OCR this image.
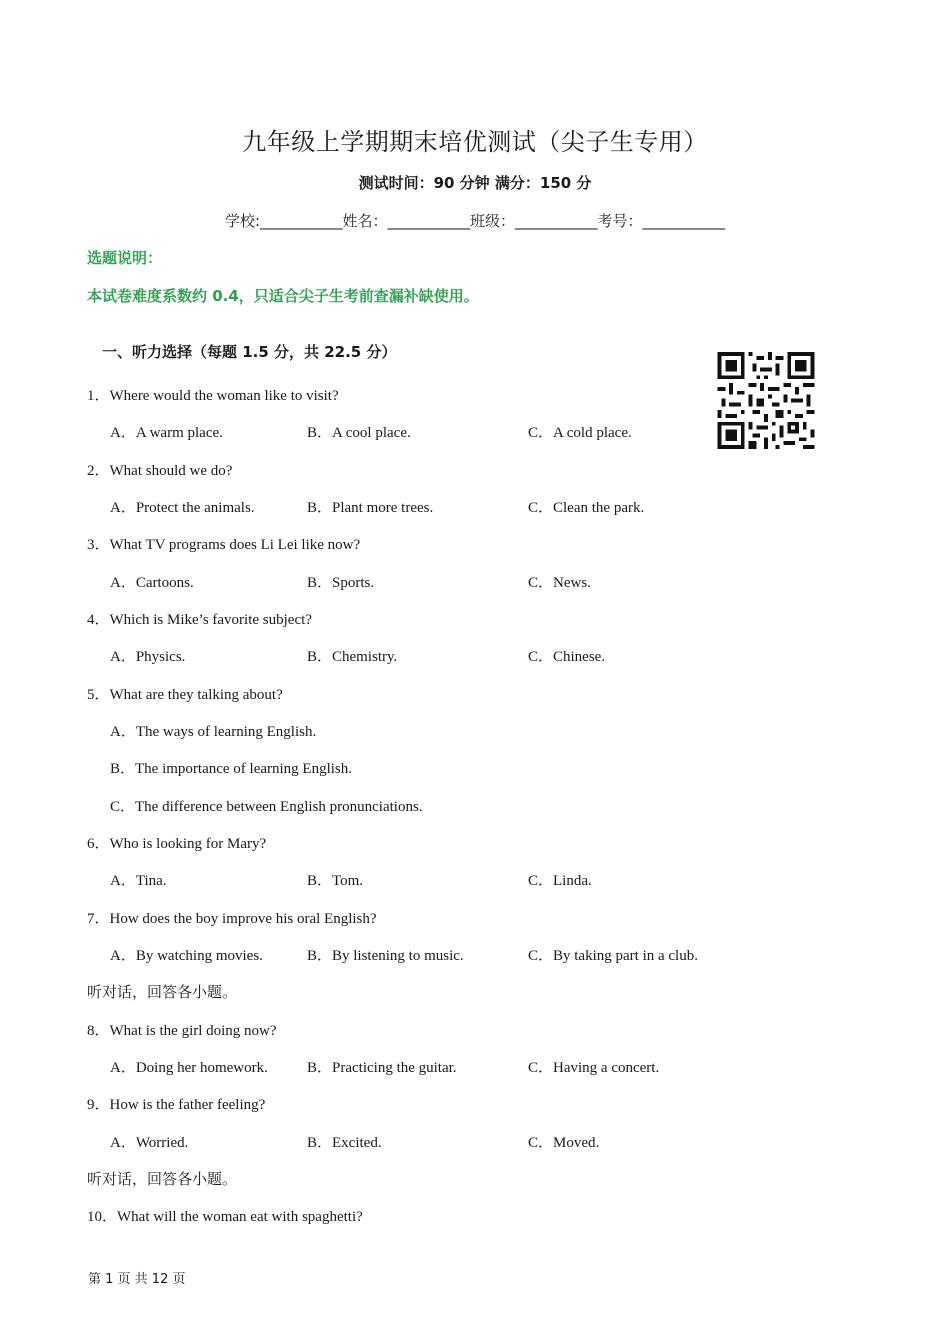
九年级上学期期末培优测试（尖子生专用）
测试时间：90 分钟 满分：150 分
学校:___________姓名：___________班级：___________考号：___________
选题说明：
本试卷难度系数约 0.4，只适合尖子生考前查漏补缺使用。
一、听力选择（每题 1.5 分，共 22.5 分）
1．Where would the woman like to visit?
A．A warm place.	B．A cool place.	C．A cold place.
2．What should we do?
A．Protect the animals.	B．Plant more trees.	C．Clean the park.
3．What TV programs does Li Lei like now?
A．Cartoons.	B．Sports.	C．News.
4．Which is Mike’s favorite subject?
A．Physics.	B．Chemistry.	C．Chinese.
5．What are they talking about?
A．The ways of learning English.
B．The importance of learning English.
C．The difference between English pronunciations.
6．Who is looking for Mary?
A．Tina.	B．Tom.	C．Linda.
7．How does the boy improve his oral English?
A．By watching movies.	B．By listening to music.	C．By taking part in a club.
听对话，回答各小题。
8．What is the girl doing now?
A．Doing her homework.	B．Practicing the guitar.	C．Having a concert.
9．How is the father feeling?
A．Worried.	B．Excited.	C．Moved.
听对话，回答各小题。
10．What will the woman eat with spaghetti?
第 1 页 共 12 页
